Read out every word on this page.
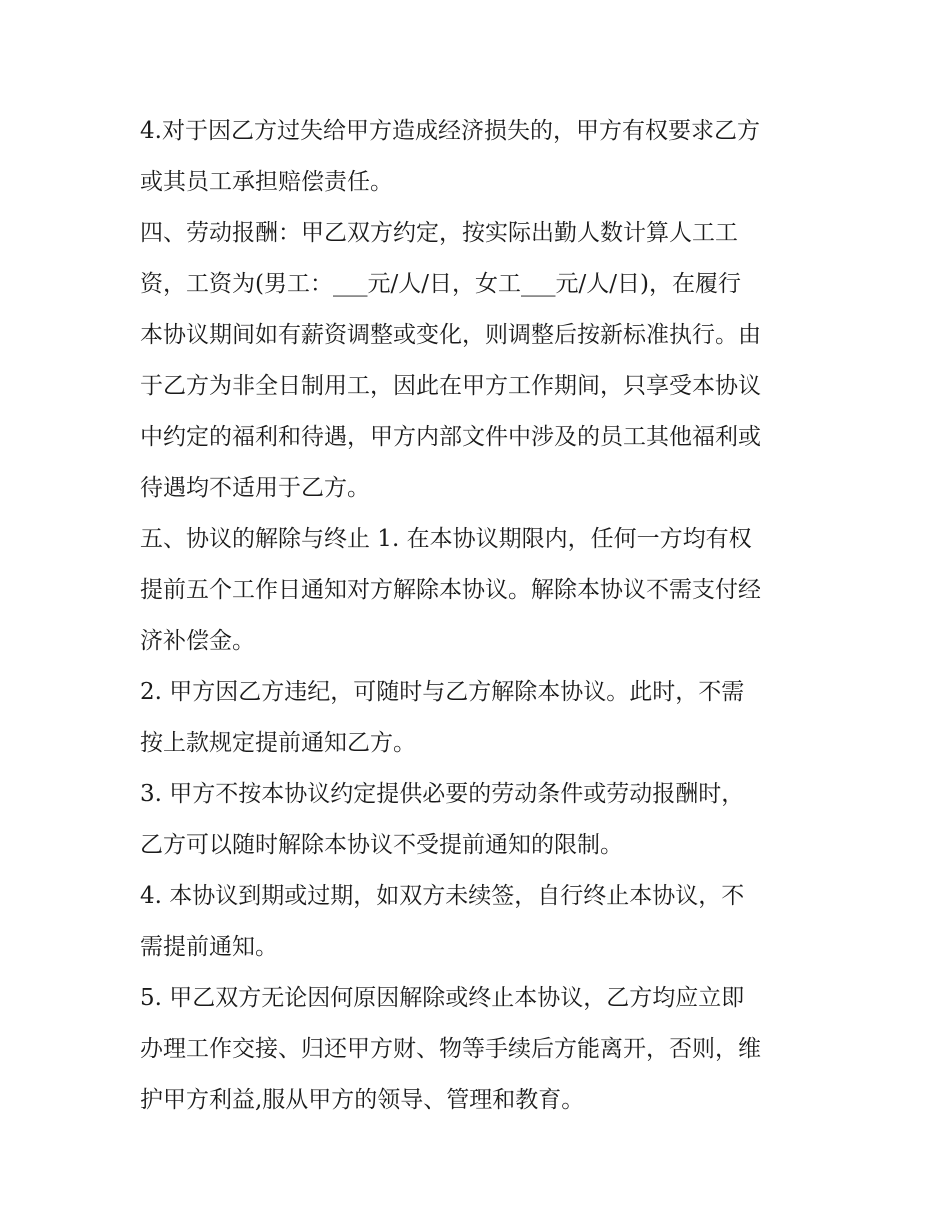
4.对于因乙方过失给甲方造成经济损失的，甲方有权要求乙方
或其员工承担赔偿责任。
四、劳动报酬：甲乙双方约定，按实际出勤人数计算人工工
资，工资为(男工：___元/人/日，女工___元/人/日)，在履行
本协议期间如有薪资调整或变化，则调整后按新标准执行。由
于乙方为非全日制用工，因此在甲方工作期间，只享受本协议
中约定的福利和待遇，甲方内部文件中涉及的员工其他福利或
待遇均不适用于乙方。
五、协议的解除与终止 1. 在本协议期限内，任何一方均有权
提前五个工作日通知对方解除本协议。解除本协议不需支付经
济补偿金。
2. 甲方因乙方违纪，可随时与乙方解除本协议。此时，不需
按上款规定提前通知乙方。
3. 甲方不按本协议约定提供必要的劳动条件或劳动报酬时，
乙方可以随时解除本协议不受提前通知的限制。
4. 本协议到期或过期，如双方未续签，自行终止本协议，不
需提前通知。
5. 甲乙双方无论因何原因解除或终止本协议，乙方均应立即
办理工作交接、归还甲方财、物等手续后方能离开，否则，维
护甲方利益,服从甲方的领导、管理和教育。
